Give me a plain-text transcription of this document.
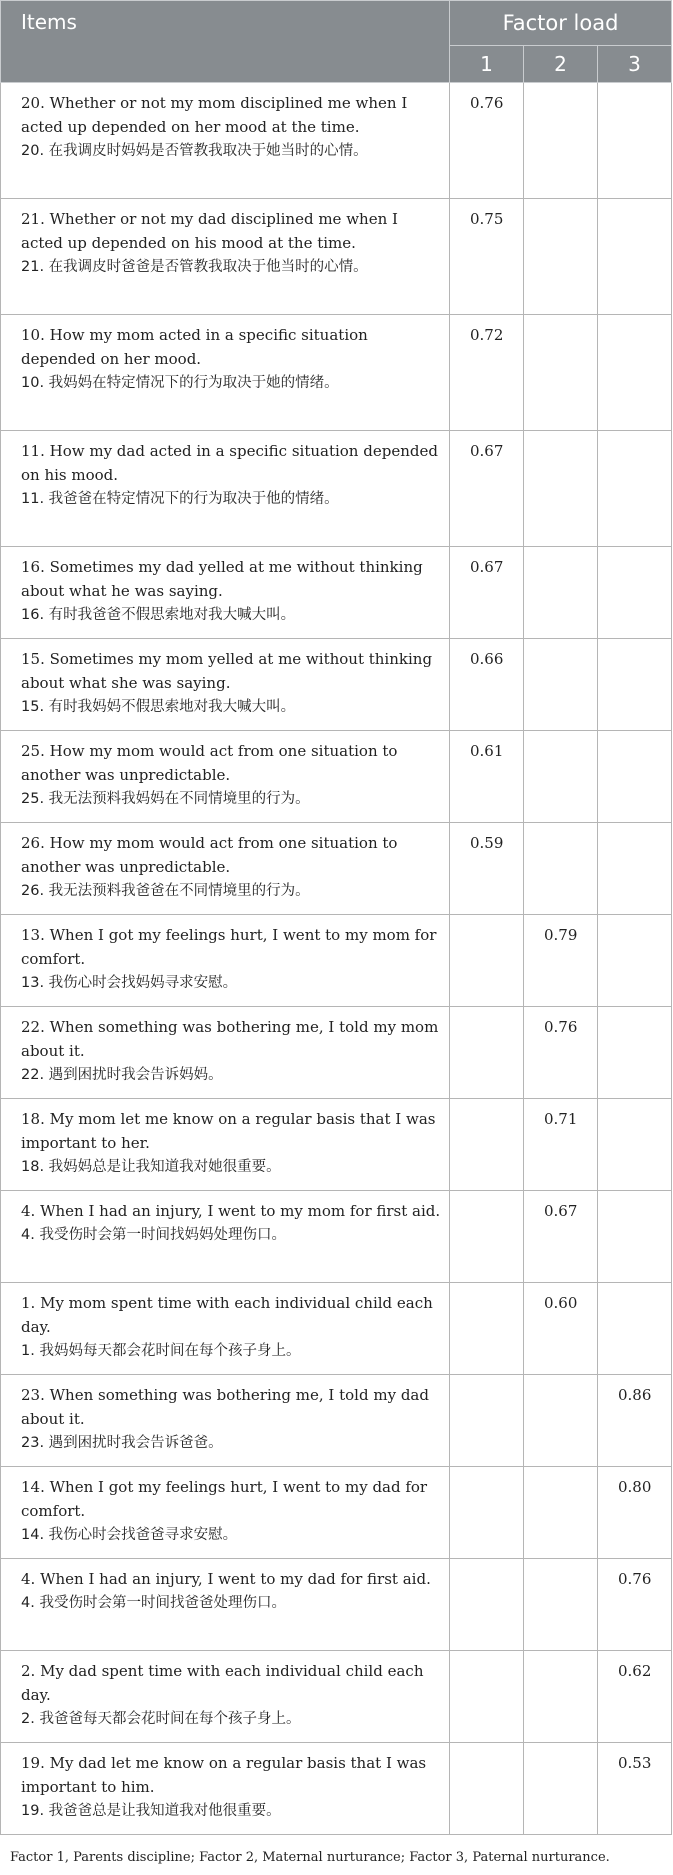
Items	Factor load		
	1	2	3

20. Whether or not my mom disciplined me when I acted up depended on her mood at the time.
20. 在我调皮时妈妈是否管教我取决于她当时的心情。	0.76		

21. Whether or not my dad disciplined me when I acted up depended on his mood at the time.
21. 在我调皮时爸爸是否管教我取决于他当时的心情。	0.75		

10. How my mom acted in a specific situation depended on her mood.
10. 我妈妈在特定情况下的行为取决于她的情绪。	0.72		

11. How my dad acted in a specific situation depended on his mood.
11. 我爸爸在特定情况下的行为取决于他的情绪。	0.67		

16. Sometimes my dad yelled at me without thinking about what he was saying.
16. 有时我爸爸不假思索地对我大喊大叫。	0.67		

15. Sometimes my mom yelled at me without thinking about what she was saying.
15. 有时我妈妈不假思索地对我大喊大叫。	0.66		

25. How my mom would act from one situation to another was unpredictable.
25. 我无法预料我妈妈在不同情境里的行为。	0.61		

26. How my mom would act from one situation to another was unpredictable.
26. 我无法预料我爸爸在不同情境里的行为。	0.59		

13. When I got my feelings hurt, I went to my mom for comfort.
13. 我伤心时会找妈妈寻求安慰。		0.79	

22. When something was bothering me, I told my mom about it.
22. 遇到困扰时我会告诉妈妈。		0.76	

18. My mom let me know on a regular basis that I was important to her.
18. 我妈妈总是让我知道我对她很重要。		0.71	

4. When I had an injury, I went to my mom for first aid.
4. 我受伤时会第一时间找妈妈处理伤口。		0.67	

1. My mom spent time with each individual child each day.
1. 我妈妈每天都会花时间在每个孩子身上。		0.60	

23. When something was bothering me, I told my dad about it.
23. 遇到困扰时我会告诉爸爸。			0.86

14. When I got my feelings hurt, I went to my dad for comfort.
14. 我伤心时会找爸爸寻求安慰。			0.80

4. When I had an injury, I went to my dad for first aid.
4. 我受伤时会第一时间找爸爸处理伤口。			0.76

2. My dad spent time with each individual child each day.
2. 我爸爸每天都会花时间在每个孩子身上。			0.62

19. My dad let me know on a regular basis that I was important to him.
19. 我爸爸总是让我知道我对他很重要。			0.53
Factor 1, Parents discipline; Factor 2, Maternal nurturance; Factor 3, Paternal nurturance.
